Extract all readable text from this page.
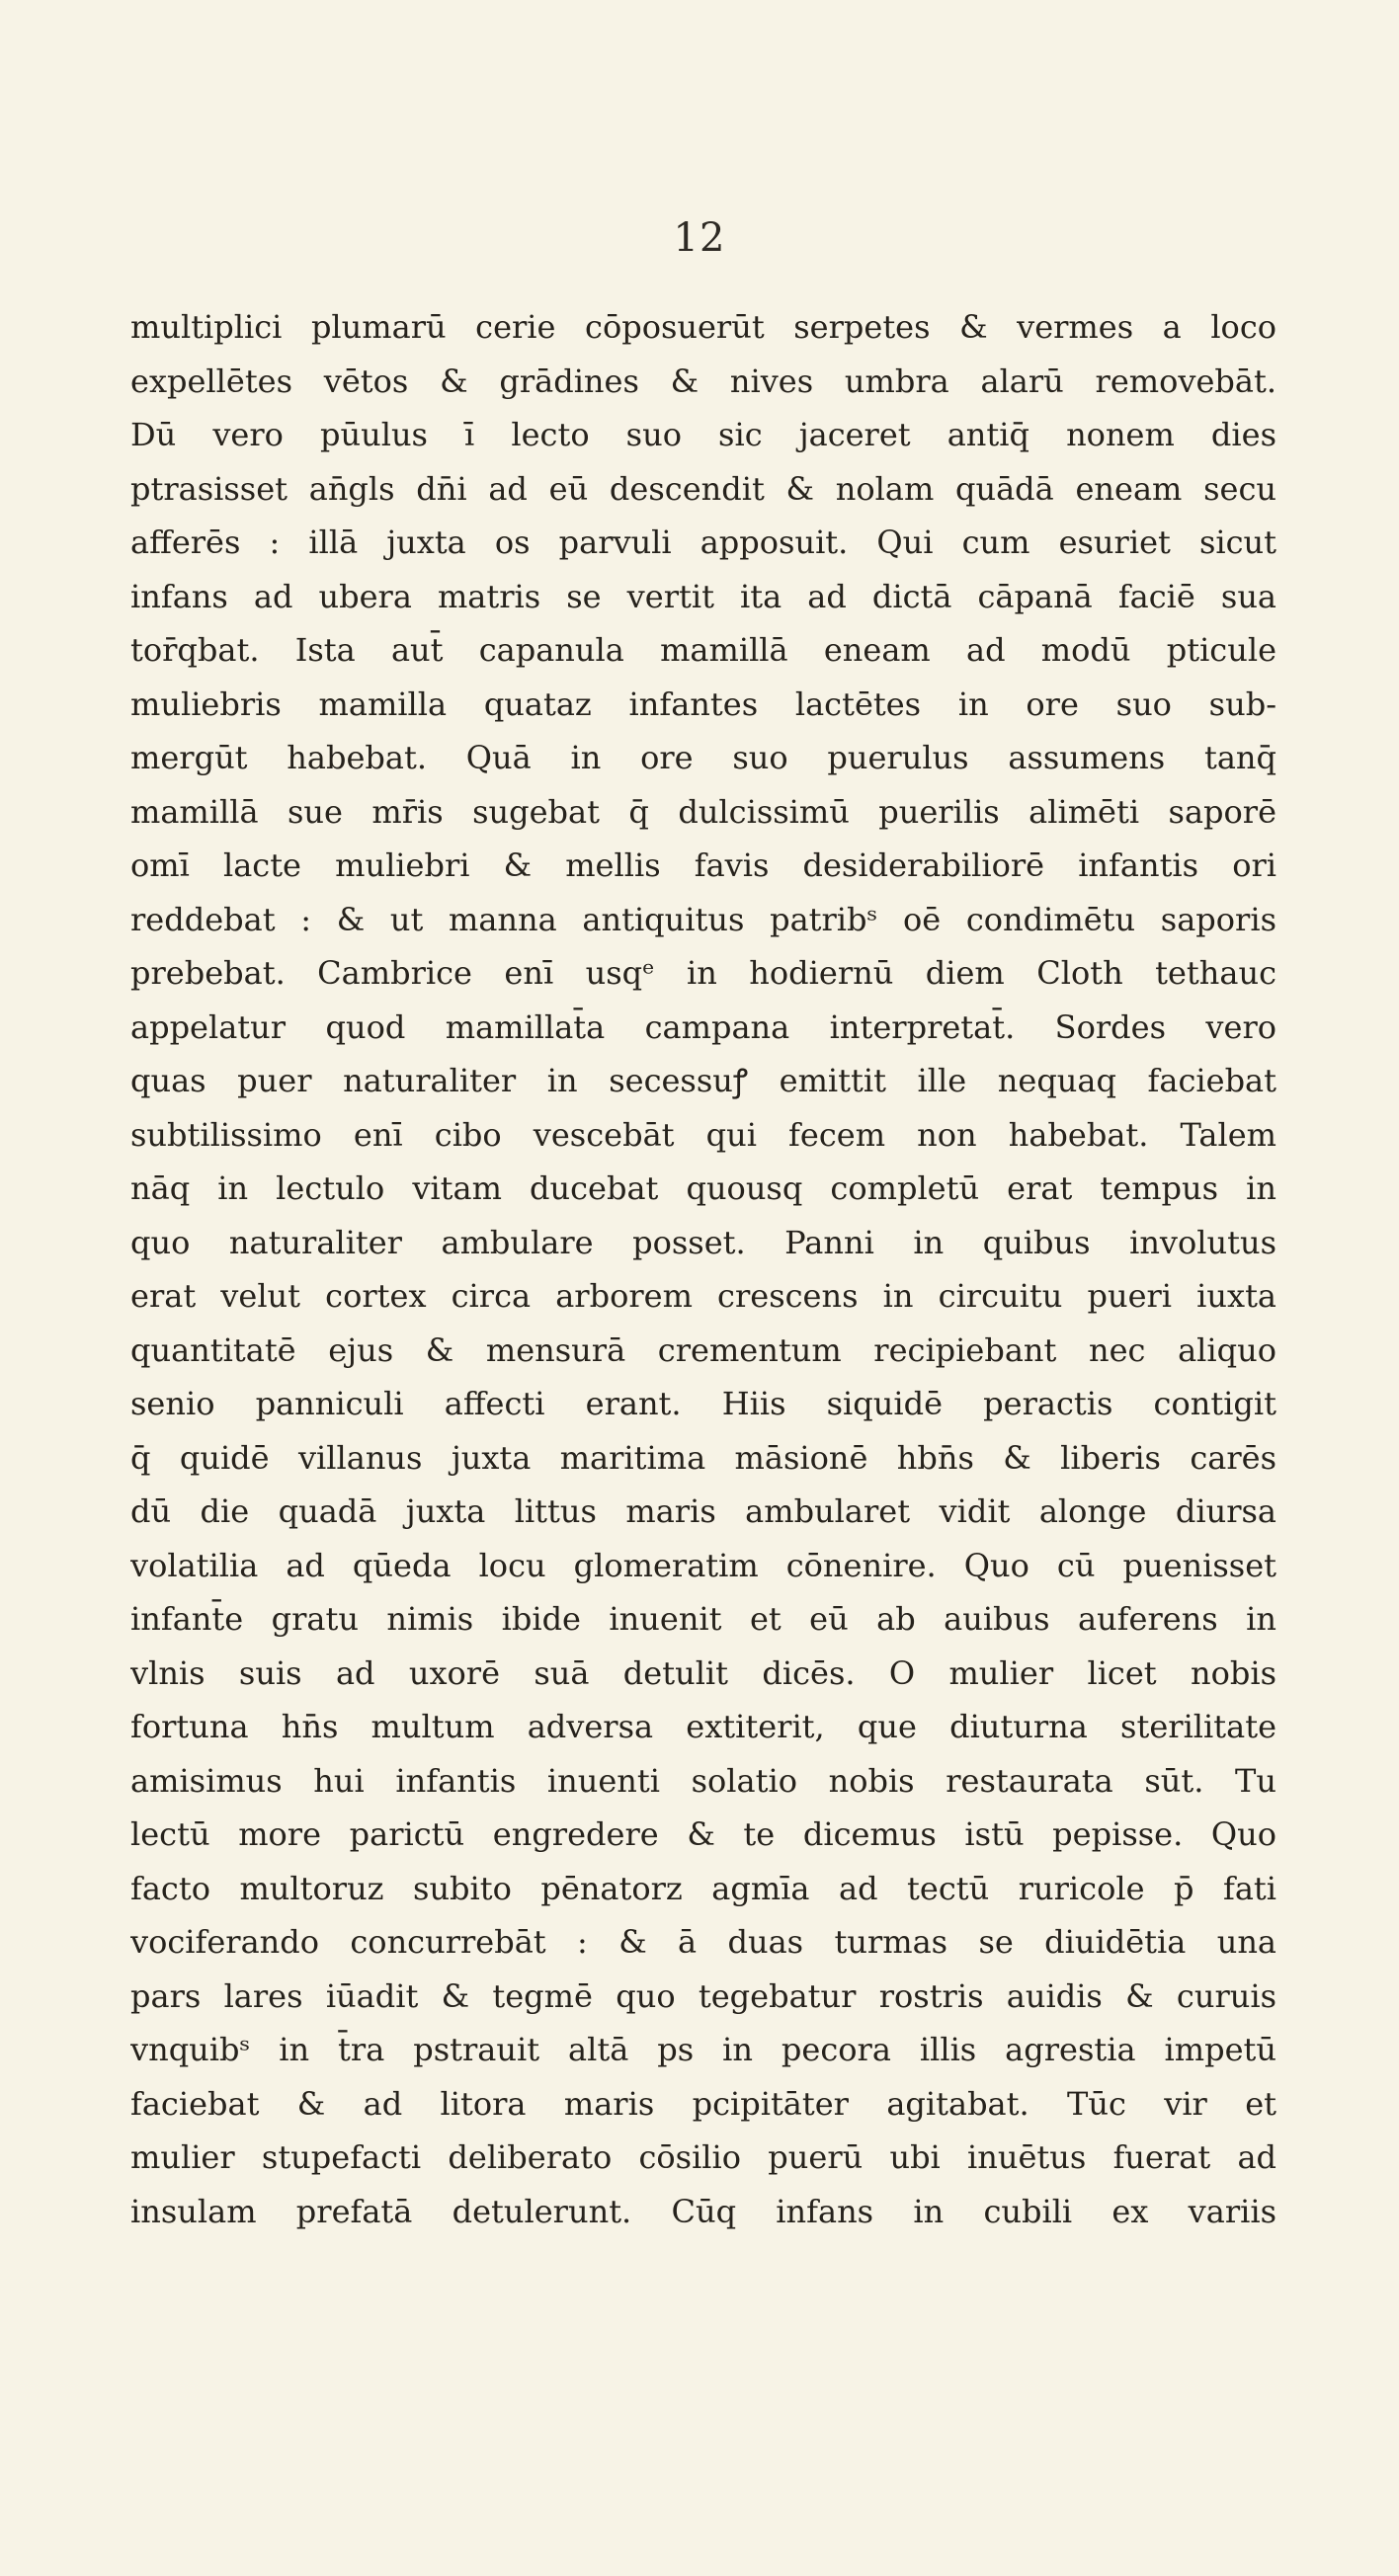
12

multiplici plumarū cerie cōposuerūt serpetes & vermes a loco
expellētes vētos & grādines & nives umbra alarū removebāt.
Dū vero pūulus ī lecto suo sic jaceret antiq̄ nonem dies
ptrasisset an̄gls dn̄i ad eū descendit & nolam quādā eneam secu
afferēs : illā juxta os parvuli apposuit. Qui cum esuriet sicut
infans ad ubera matris se vertit ita ad dictā cāpanā faciē sua
tor̄qbat. Ista aut̄ capanula mamillā eneam ad modū pticule
muliebris mamilla quataz infantes lactētes in ore suo sub-
mergūt habebat. Quā in ore suo puerulus assumens tanq̄
mamillā sue mr̄is sugebat q̄ dulcissimū puerilis alimēti saporē
omī lacte muliebri & mellis favis desiderabiliorē infantis ori
reddebat : & ut manna antiquitus patribˢ oē condimētu saporis
prebebat. Cambrice enī usqᵉ in hodiernū diem Cloth tethauc
appelatur quod mamillat̄a campana interpretat̄. Sordes vero
quas puer naturaliter in secessuꝭ emittit ille nequaq faciebat
subtilissimo enī cibo vescebāt qui fecem non habebat. Talem
nāq in lectulo vitam ducebat quousq completū erat tempus in
quo naturaliter ambulare posset. Panni in quibus involutus
erat velut cortex circa arborem crescens in circuitu pueri iuxta
quantitatē ejus & mensurā crementum recipiebant nec aliquo
senio panniculi affecti erant. Hiis siquidē peractis contigit
q̄ quidē villanus juxta maritima māsionē hbn̄s & liberis carēs
dū die quadā juxta littus maris ambularet vidit alonge diursa
volatilia ad qūeda locu glomeratim cōnenire. Quo cū puenisset
infant̄e gratu nimis ibide inuenit et eū ab auibus auferens in
vlnis suis ad uxorē suā detulit dicēs. O mulier licet nobis
fortuna hn̄s multum adversa extiterit, que diuturna sterilitate
amisimus hui infantis inuenti solatio nobis restaurata sūt. Tu
lectū more parictū engredere & te dicemus istū pepisse. Quo
facto multoruz subito pēnatorz agmīa ad tectū ruricole p̄ fati
vociferando concurrebāt : & ā duas turmas se diuidētia una
pars lares iūadit & tegmē quo tegebatur rostris auidis & curuis
vnquibˢ in t̄ra pstrauit altā ps in pecora illis agrestia impetū
faciebat & ad litora maris pcipitāter agitabat. Tūc vir et
mulier stupefacti deliberato cōsilio puerū ubi inuētus fuerat ad
insulam prefatā detulerunt. Cūq infans in cubili ex variis
